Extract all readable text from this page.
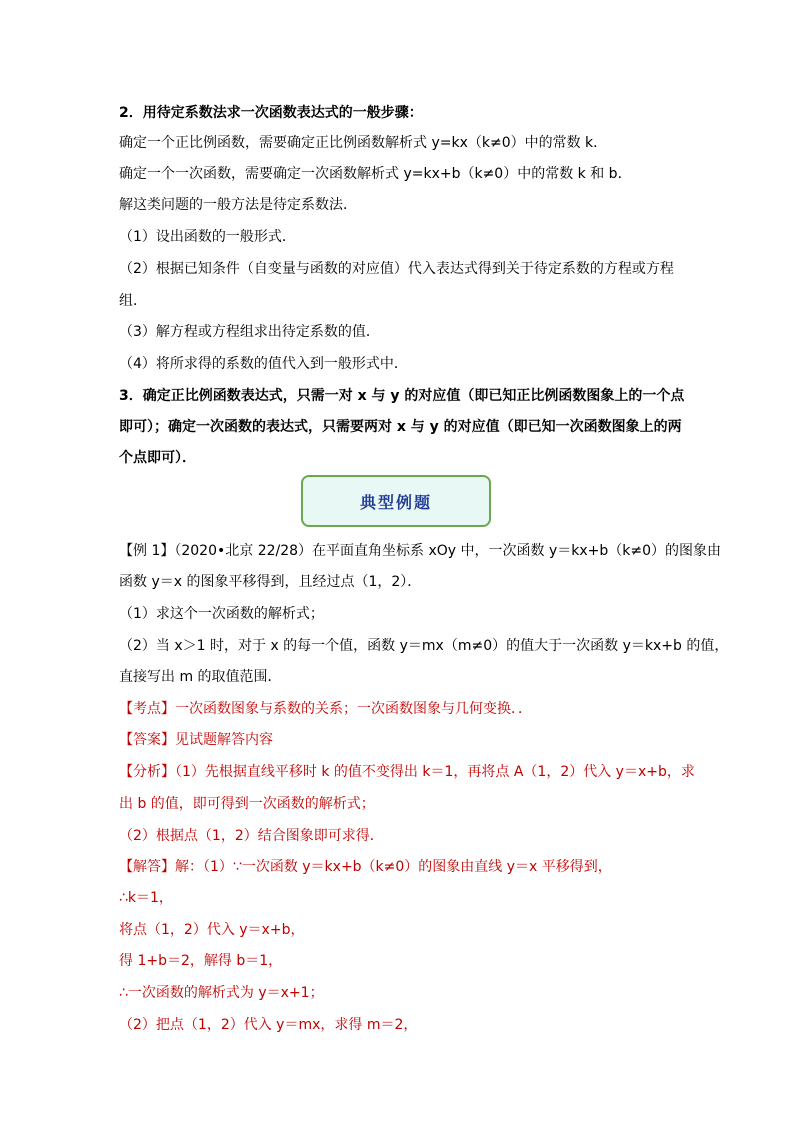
2．用待定系数法求一次函数表达式的一般步骤：
确定一个正比例函数，需要确定正比例函数解析式 y=kx（k≠0）中的常数 k．
确定一个一次函数，需要确定一次函数解析式 y=kx+b（k≠0）中的常数 k 和 b．
解这类问题的一般方法是待定系数法．
（1）设出函数的一般形式．
（2）根据已知条件（自变量与函数的对应值）代入表达式得到关于待定系数的方程或方程
组．
（3）解方程或方程组求出待定系数的值．
（4）将所求得的系数的值代入到一般形式中．
3．确定正比例函数表达式，只需一对 x 与 y 的对应值（即已知正比例函数图象上的一个点
即可）；确定一次函数的表达式，只需要两对 x 与 y 的对应值（即已知一次函数图象上的两
个点即可）．
典型例题
【例 1】（2020•北京 22/28）在平面直角坐标系 xOy 中，一次函数 y＝kx+b（k≠0）的图象由
函数 y＝x 的图象平移得到，且经过点（1，2）．
（1）求这个一次函数的解析式；
（2）当 x＞1 时，对于 x 的每一个值，函数 y＝mx（m≠0）的值大于一次函数 y＝kx+b 的值，
直接写出 m 的取值范围．
【考点】一次函数图象与系数的关系；一次函数图象与几何变换．．
【答案】见试题解答内容
【分析】（1）先根据直线平移时 k 的值不变得出 k＝1，再将点 A（1，2）代入 y＝x+b，求
出 b 的值，即可得到一次函数的解析式；
（2）根据点（1，2）结合图象即可求得．
【解答】解：（1）∵一次函数 y＝kx+b（k≠0）的图象由直线 y＝x 平移得到，
∴k＝1，
将点（1，2）代入 y＝x+b，
得 1+b＝2，解得 b＝1，
∴一次函数的解析式为 y＝x+1；
（2）把点（1，2）代入 y＝mx，求得 m＝2，
